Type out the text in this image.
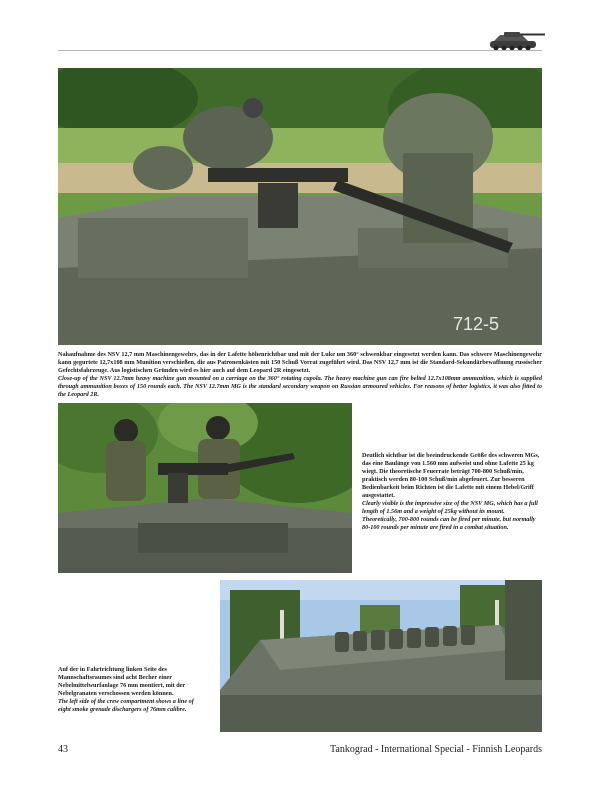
712-5
Nahaufnahme des NSV 12,7 mm Maschinengewehrs, das in der Lafette höhenrichtbar und mit der Luke um 360° schwenkbar eingesetzt werden kann. Das schwere Maschinengewehr kann gegurtete 12,7x108 mm Munition verschießen, die aus Patronenkästen mit 150 Schuß Vorrat zugeführt wird. Das NSV 12,7 mm ist die Standard-Sekundärbewaffnung russischer Gefechtsfahrzeuge. Aus logistischen Gründen wird es hier auch auf dem Leopard 2R eingesetzt.
Close-up of the NSV 12.7mm heavy machine gun mounted on a carriage on the 360° rotating cupola. The heavy machine gun can fire belted 12.7x108mm ammunition, which is supplied through ammunition boxes of 150 rounds each. The NSV 12.7mm MG is the standard secondary weapon on Russian armoured vehicles. For reasons of better logistics, it was also fitted to the Leopard 2R.
Deutlich sichtbar ist die beeindruckende Größe des schweren MGs, das eine Baulänge von 1.560 mm aufweist und ohne Lafette 25 kg wiegt. Die theoretische Feuerrate beträgt 700-800 Schuß/min, praktisch werden 80-100 Schuß/min abgefeuert. Zur besseren Bedienbarkeit beim Richten ist die Lafette mit einem Hebel/Griff ausgestattet.
Clearly visible is the impressive size of the NSV MG, which has a full length of 1.56m and a weight of 25kg without its mount. Theoretically, 700-800 rounds can be fired per minute, but normally 80-100 rounds per minute are fired in a combat situation.
Auf der in Fahrtrichtung linken Seite des Mannschaftsraumes sind acht Becher einer Nebelmittelwurfanlage 76 mm montiert, mit der Nebelgranaten verschossen werden können.
The left side of the crew compartment shows a line of eight smoke grenade dischargers of 76mm calibre.
43	Tankograd - International Special - Finnish Leopards
